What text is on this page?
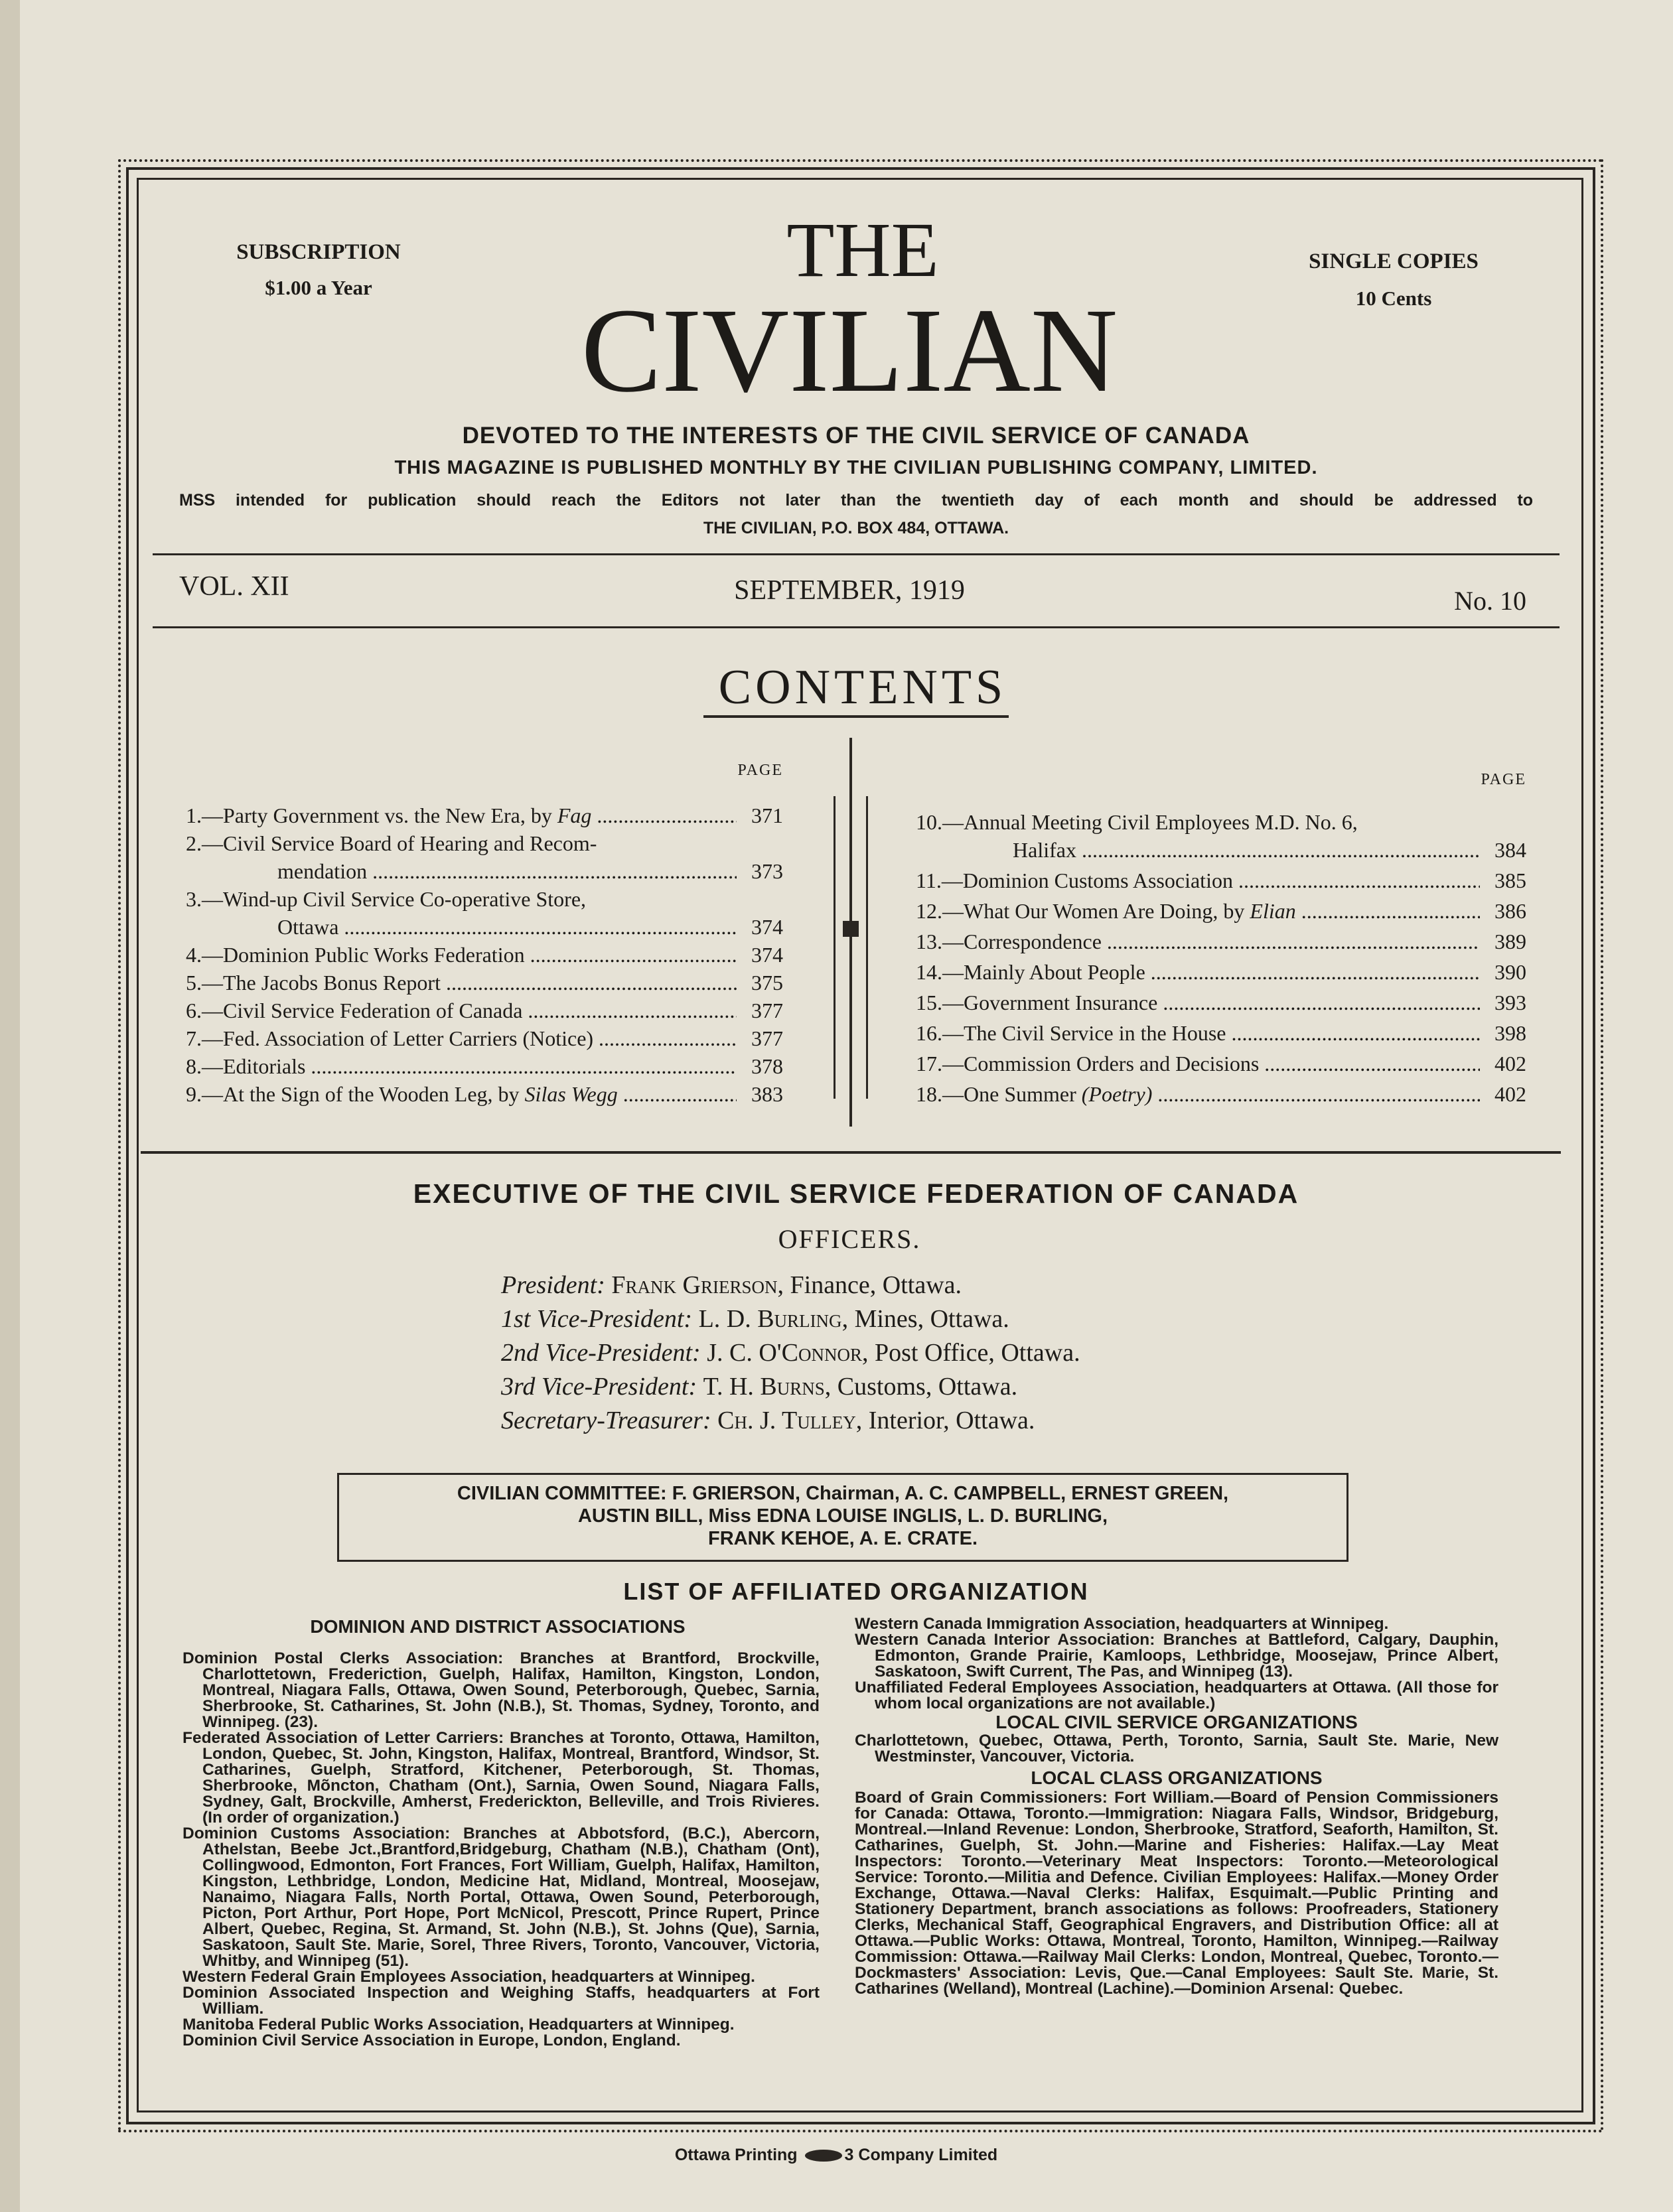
SUBSCRIPTION
$1.00 a Year
SINGLE COPIES
10 Cents
THE
CIVILIAN
DEVOTED TO THE INTERESTS OF THE CIVIL SERVICE OF CANADA
THIS MAGAZINE IS PUBLISHED MONTHLY BY THE CIVILIAN PUBLISHING COMPANY, LIMITED.
MSS intended for publication should reach the Editors not later than the twentieth day of each month and should be addressed to
THE CIVILIAN, P.O. BOX 484, OTTAWA.
VOL. XII	SEPTEMBER, 1919	No. 10
CONTENTS
PAGE
PAGE
1.— Party Government vs. the New Era, by Fag .....	371
2.— Civil Service Board of Hearing and Recom-

mendation .....	373
3.— Wind-up Civil Service Co-operative Store,

Ottawa .....	374
4.— Dominion Public Works Federation .....	374
5.— The Jacobs Bonus Report .....	375
6.— Civil Service Federation of Canada .....	377
7.— Fed. Association of Letter Carriers (Notice) .....	377
8.— Editorials .....	378
9.— At the Sign of the Wooden Leg, by Silas Wegg .....	383
10.— Annual Meeting Civil Employees M.D. No. 6,

Halifax .....	384
11.— Dominion Customs Association .....	385
12.— What Our Women Are Doing, by Elian .....	386
13.— Correspondence .....	389
14.— Mainly About People .....	390
15.— Government Insurance .....	393
16.— The Civil Service in the House .....	398
17.— Commission Orders and Decisions .....	402
18.— One Summer (Poetry) .....	402
EXECUTIVE OF THE CIVIL SERVICE FEDERATION OF CANADA
OFFICERS.
President: Frank Grierson, Finance, Ottawa.
1st Vice-President: L. D. Burling, Mines, Ottawa.
2nd Vice-President: J. C. O'Connor, Post Office, Ottawa.
3rd Vice-President: T. H. Burns, Customs, Ottawa.
Secretary-Treasurer: Ch. J. Tulley, Interior, Ottawa.
CIVILIAN COMMITTEE: F. GRIERSON, Chairman, A. C. CAMPBELL, ERNEST GREEN,
AUSTIN BILL, Miss EDNA LOUISE INGLIS, L. D. BURLING,
FRANK KEHOE, A. E. CRATE.
LIST OF AFFILIATED ORGANIZATION
DOMINION AND DISTRICT ASSOCIATIONS

Dominion Postal Clerks Association: Branches at Brantford, Brockville, Charlottetown, Frederiction, Guelph, Halifax, Hamilton, Kingston, London, Montreal, Niagara Falls, Ottawa, Owen Sound, Peterborough, Quebec, Sarnia, Sherbrooke, St. Catharines, St. John (N.B.), St. Thomas, Sydney, Toronto, and Winnipeg. (23).

Federated Association of Letter Carriers: Branches at Toronto, Ottawa, Hamilton, London, Quebec, St. John, Kingston, Halifax, Montreal, Brantford, Windsor, St. Catharines, Guelph, Stratford, Kitchener, Peterborough, St. Thomas, Sherbrooke, Mõncton, Chatham (Ont.), Sarnia, Owen Sound, Niagara Falls, Sydney, Galt, Brockville, Amherst, Frederickton, Belleville, and Trois Rivieres. (In order of organization.)

Dominion Customs Association: Branches at Abbotsford, (B.C.), Abercorn, Athelstan, Beebe Jct.,Brantford,Bridgeburg, Chatham (N.B.), Chatham (Ont), Collingwood, Edmonton, Fort Frances, Fort William, Guelph, Halifax, Hamilton, Kingston, Lethbridge, London, Medicine Hat, Midland, Montreal, Moosejaw, Nanaimo, Niagara Falls, North Portal, Ottawa, Owen Sound, Peterborough, Picton, Port Arthur, Port Hope, Port McNicol, Prescott, Prince Rupert, Prince Albert, Quebec, Regina, St. Armand, St. John (N.B.), St. Johns (Que), Sarnia, Saskatoon, Sault Ste. Marie, Sorel, Three Rivers, Toronto, Vancouver, Victoria, Whitby, and Winnipeg (51).

Western Federal Grain Employees Association, headquarters at Winnipeg.

Dominion Associated Inspection and Weighing Staffs, headquarters at Fort William.

Manitoba Federal Public Works Association, Headquarters at Winnipeg.

Dominion Civil Service Association in Europe, London, England.

Western Canada Immigration Association, headquarters at Winnipeg.

Western Canada Interior Association: Branches at Battleford, Calgary, Dauphin, Edmonton, Grande Prairie, Kamloops, Lethbridge, Moosejaw, Prince Albert, Saskatoon, Swift Current, The Pas, and Winnipeg (13).

Unaffiliated Federal Employees Association, headquarters at Ottawa. (All those for whom local organizations are not available.)

LOCAL CIVIL SERVICE ORGANIZATIONS

Charlottetown, Quebec, Ottawa, Perth, Toronto, Sarnia, Sault Ste. Marie, New Westminster, Vancouver, Victoria.

LOCAL CLASS ORGANIZATIONS

Board of Grain Commissioners: Fort William.—Board of Pension Commissioners for Canada: Ottawa, Toronto.—Immigration: Niagara Falls, Windsor, Bridgeburg, Montreal.—Inland Revenue: London, Sherbrooke, Stratford, Seaforth, Hamilton, St. Catharines, Guelph, St. John.—Marine and Fisheries: Halifax.—Lay Meat Inspectors: Toronto.—Veterinary Meat Inspectors: Toronto.—Meteorological Service: Toronto.—Militia and Defence. Civilian Employees: Halifax.—Money Order Exchange, Ottawa.—Naval Clerks: Halifax, Esquimalt.—Public Printing and Stationery Department, branch associations as follows: Proofreaders, Stationery Clerks, Mechanical Staff, Geographical Engravers, and Distribution Office: all at Ottawa.—Public Works: Ottawa, Montreal, Toronto, Hamilton, Winnipeg.—Railway Commission: Ottawa.—Railway Mail Clerks: London, Montreal, Quebec, Toronto.—Dockmasters' Association: Levis, Que.—Canal Employees: Sault Ste. Marie, St. Catharines (Welland), Montreal (Lachine).—Dominion Arsenal: Quebec.

Ottawa Printing	3 Company Limited
